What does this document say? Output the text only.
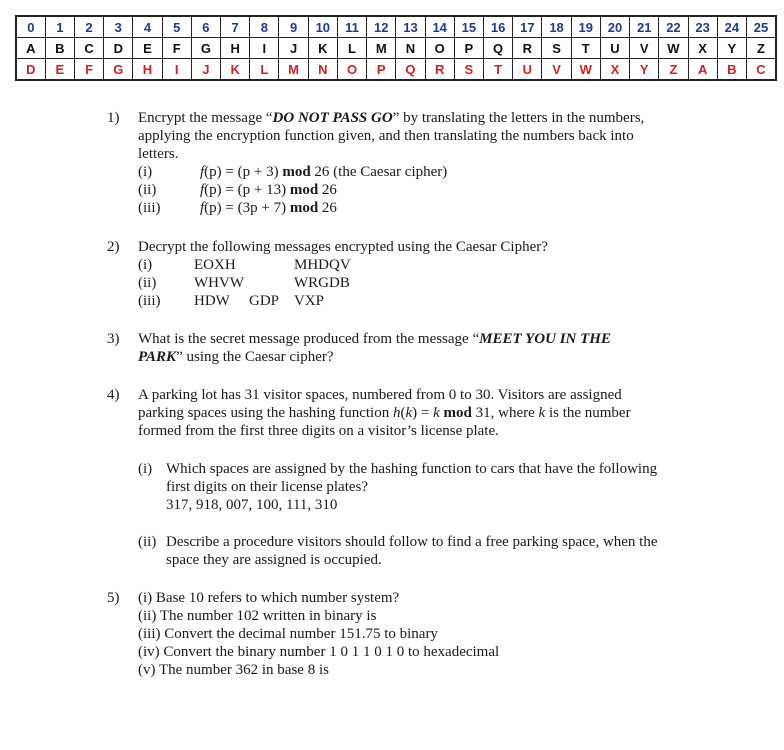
0	1	2	3	4	5	6	7	8	9	10	11	12	13	14	15	16	17	18	19	20	21	22	23	24	25
A	B	C	D	E	F	G	H	I	J	K	L	M	N	O	P	Q	R	S	T	U	V	W	X	Y	Z
D	E	F	G	H	I	J	K	L	M	N	O	P	Q	R	S	T	U	V	W	X	Y	Z	A	B	C
1) Encrypt the message “DO NOT PASS GO” by translating the letters in the numbers,
applying the encryption function given, and then translating the numbers back into
letters.
(i)	f(p) = (p + 3) mod 26 (the Caesar cipher)
(ii)	f(p) = (p + 13) mod 26
(iii)	f(p) = (3p + 7) mod 26
2) Decrypt the following messages encrypted using the Caesar Cipher?
(i)	EOXH	MHDQV
(ii)	WHVW	WRGDB
(iii) HDW GDP VXP
3) What is the secret message produced from the message “MEET YOU IN THE
PARK” using the Caesar cipher?
4) A parking lot has 31 visitor spaces, numbered from 0 to 30. Visitors are assigned
parking spaces using the hashing function h(k) = k mod 31, where k is the number
formed from the first three digits on a visitor’s license plate.
(i) Which spaces are assigned by the hashing function to cars that have the following
first digits on their license plates?
317, 918, 007, 100, 111, 310
(ii) Describe a procedure visitors should follow to find a free parking space, when the
space they are assigned is occupied.
5) (i) Base 10 refers to which number system?
(ii) The number 102 written in binary is
(iii) Convert the decimal number 151.75 to binary
(iv) Convert the binary number 1 0 1 1 0 1 0 to hexadecimal
(v) The number 362 in base 8 is
